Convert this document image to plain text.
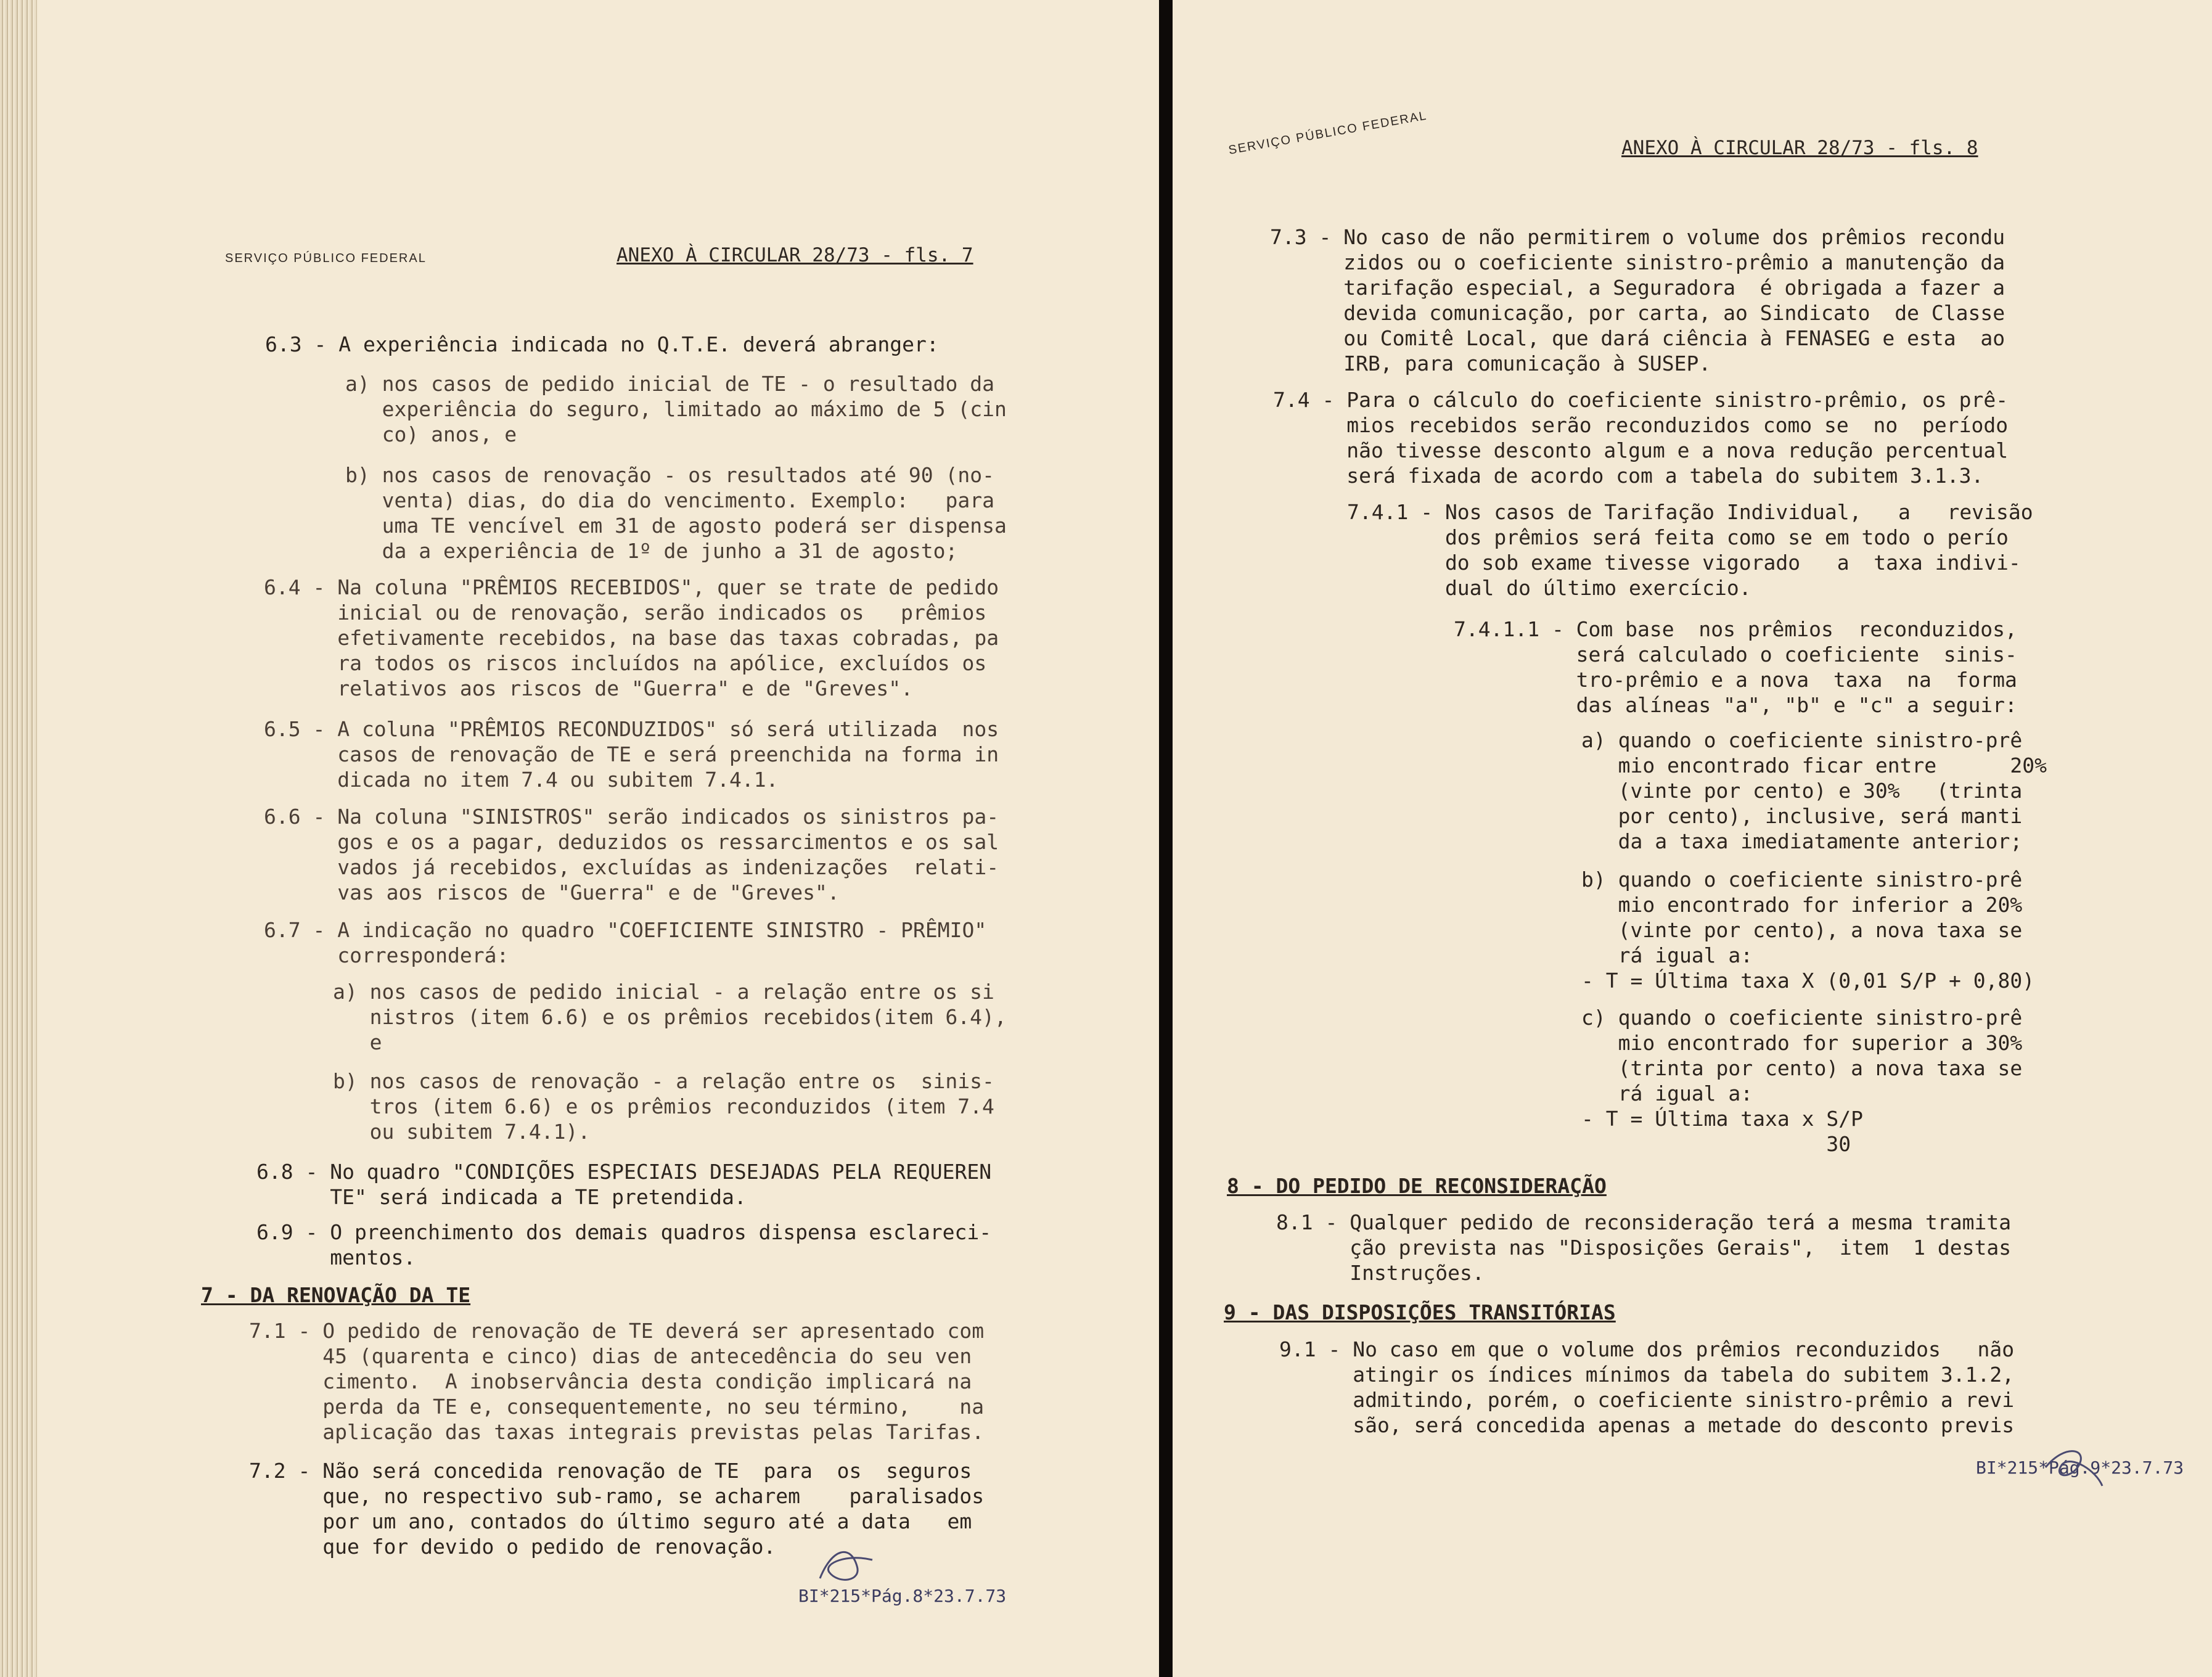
SERVIÇO PÚBLICO FEDERAL	ANEXO À CIRCULAR 28/73 - fls. 7
6.3 - A experiência indicada no Q.T.E. deverá abranger:
a) nos casos de pedido inicial de TE - o resultado da
experiência do seguro, limitado ao máximo de 5 (cin
co) anos, e
b) nos casos de renovação - os resultados até 90 (no-
venta) dias, do dia do vencimento. Exemplo:   para
uma TE vencível em 31 de agosto poderá ser dispensa
da a experiência de 1º de junho a 31 de agosto;
6.4 - Na coluna "PRÊMIOS RECEBIDOS", quer se trate de pedido
inicial ou de renovação, serão indicados os   prêmios
efetivamente recebidos, na base das taxas cobradas, pa
ra todos os riscos incluídos na apólice, excluídos os
relativos aos riscos de "Guerra" e de "Greves".
6.5 - A coluna "PRÊMIOS RECONDUZIDOS" só será utilizada  nos
casos de renovação de TE e será preenchida na forma in
dicada no item 7.4 ou subitem 7.4.1.
6.6 - Na coluna "SINISTROS" serão indicados os sinistros pa-
gos e os a pagar, deduzidos os ressarcimentos e os sal
vados já recebidos, excluídas as indenizações  relati-
vas aos riscos de "Guerra" e de "Greves".
6.7 - A indicação no quadro "COEFICIENTE SINISTRO - PRÊMIO"
corresponderá:
a) nos casos de pedido inicial - a relação entre os si
nistros (item 6.6) e os prêmios recebidos(item 6.4),
e
b) nos casos de renovação - a relação entre os  sinis-
tros (item 6.6) e os prêmios reconduzidos (item 7.4
ou subitem 7.4.1).
6.8 - No quadro "CONDIÇÕES ESPECIAIS DESEJADAS PELA REQUEREN
TE" será indicada a TE pretendida.
6.9 - O preenchimento dos demais quadros dispensa esclareci-
mentos.
7 - DA RENOVAÇÃO DA TE
7.1 - O pedido de renovação de TE deverá ser apresentado com
45 (quarenta e cinco) dias de antecedência do seu ven
cimento.  A inobservância desta condição implicará na
perda da TE e, consequentemente, no seu término,    na
aplicação das taxas integrais previstas pelas Tarifas.
7.2 - Não será concedida renovação de TE  para  os  seguros
que, no respectivo sub-ramo, se acharem    paralisados
por um ano, contados do último seguro até a data   em
que for devido o pedido de renovação.
BI*215*Pág.8*23.7.73
SERVIÇO PÚBLICO FEDERAL	ANEXO À CIRCULAR 28/73 - fls. 8
7.3 - No caso de não permitirem o volume dos prêmios recondu
zidos ou o coeficiente sinistro-prêmio a manutenção da
tarifação especial, a Seguradora  é obrigada a fazer a
devida comunicação, por carta, ao Sindicato  de Classe
ou Comitê Local, que dará ciência à FENASEG e esta  ao
IRB, para comunicação à SUSEP.
7.4 - Para o cálculo do coeficiente sinistro-prêmio, os prê-
mios recebidos serão reconduzidos como se  no  período
não tivesse desconto algum e a nova redução percentual
será fixada de acordo com a tabela do subitem 3.1.3.
7.4.1 - Nos casos de Tarifação Individual,   a   revisão
dos prêmios será feita como se em todo o perío
do sob exame tivesse vigorado   a  taxa indivi-
dual do último exercício.
7.4.1.1 - Com base  nos prêmios  reconduzidos,
será calculado o coeficiente  sinis-
tro-prêmio e a nova  taxa  na  forma
das alíneas "a", "b" e "c" a seguir:
a) quando o coeficiente sinistro-prê
mio encontrado ficar entre      20%
(vinte por cento) e 30%   (trinta
por cento), inclusive, será manti
da a taxa imediatamente anterior;
b) quando o coeficiente sinistro-prê
mio encontrado for inferior a 20%
(vinte por cento), a nova taxa se
rá igual a:
- T = Última taxa X (0,01 S/P + 0,80)
c) quando o coeficiente sinistro-prê
mio encontrado for superior a 30%
(trinta por cento) a nova taxa se
rá igual a:
- T = Última taxa x S/P
30
8 - DO PEDIDO DE RECONSIDERAÇÃO
8.1 - Qualquer pedido de reconsideração terá a mesma tramita
ção prevista nas "Disposições Gerais",  item  1 destas
Instruções.
9 - DAS DISPOSIÇÕES TRANSITÓRIAS
9.1 - No caso em que o volume dos prêmios reconduzidos   não
atingir os índices mínimos da tabela do subitem 3.1.2,
admitindo, porém, o coeficiente sinistro-prêmio a revi
são, será concedida apenas a metade do desconto previs
BI*215*Pág.9*23.7.73
